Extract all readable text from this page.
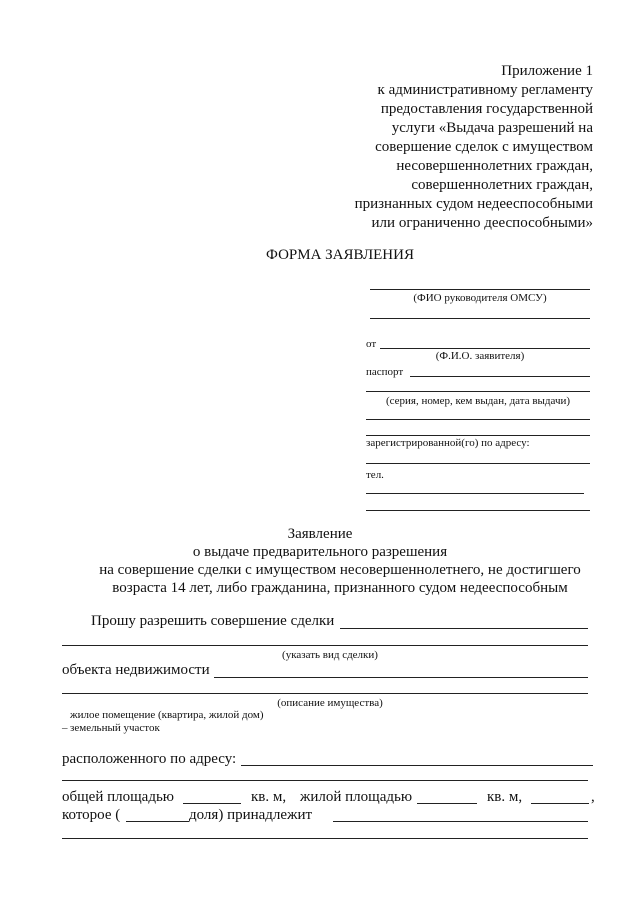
Приложение 1
к административному регламенту
предоставления государственной
услуги «Выдача разрешений на
совершение сделок с имуществом
несовершеннолетних граждан,
совершеннолетних граждан,
признанных судом недееспособными
или ограниченно дееспособными»
ФОРМА ЗАЯВЛЕНИЯ
(ФИО руководителя ОМСУ)
от
(Ф.И.О. заявителя)
паспорт
(серия, номер, кем выдан, дата выдачи)
зарегистрированной(го) по адресу:
тел.
Заявление
о выдаче предварительного разрешения
на совершение сделки с имуществом несовершеннолетнего, не достигшего
возраста 14 лет, либо гражданина, признанного судом недееспособным
Прошу разрешить совершение сделки
(указать вид сделки)
объекта недвижимости
(описание имущества)
жилое помещение (квартира, жилой дом)
– земельный участок
расположенного по адресу:
общей площадью	кв. м, жилой площадью	кв. м,	,
которое (	доля) принадлежит
